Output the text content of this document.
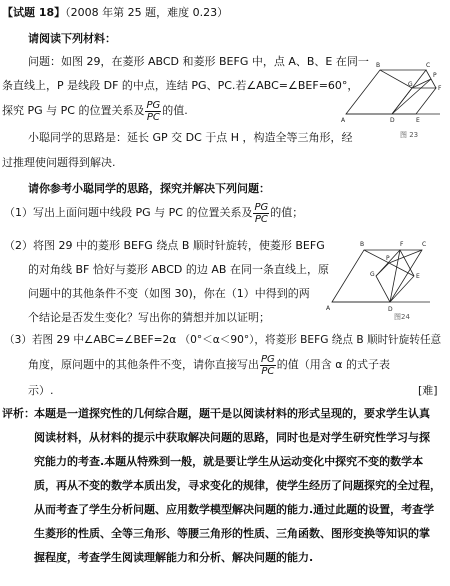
【试题 18】（2008 年第 25 题，难度 0.23）
请阅读下列材料：
问题：如图 29，在菱形 ABCD 和菱形 BEFG 中，点 A、B、E 在同一
条直线上，P 是线段 DF 的中点，连结 PG、PC.若∠ABC=∠BEF=60°，
探究 PG 与 PC 的位置关系及 $\frac{PG}{PC}$ 的值.
小聪同学的思路是：延长 GP 交 DC 于点 H ，构造全等三角形，经
过推理使问题得到解决.
请你参考小聪同学的思路，探究并解决下列问题：
（1）写出上面问题中线段 PG 与 PC 的位置关系及 $\frac{PG}{PC}$ 的值；
（2）将图 29 中的菱形 BEFG 绕点 B 顺时针旋转，使菱形 BEFG
的对角线 BF 恰好与菱形 ABCD 的边 AB 在同一条直线上，原
问题中的其他条件不变（如图 30)，你在（1）中得到的两
个结论是否发生变化？写出你的猜想并加以证明；
（3）若图 29 中∠ABC=∠BEF=2α （0°＜α＜90°），将菱形 BEFG 绕点 B 顺时针旋转任意
角度，原问题中的其他条件不变，请你直接写出 $\frac{PG}{PC}$ 的值（用含 α 的式子表
示）.	[难]
评析： 本题是一道探究性的几何综合题，题干是以阅读材料的形式呈现的，要求学生认真
阅读材料，从材料的提示中获取解决问题的思路，同时也是对学生研究性学习与探
究能力的考查.本题从特殊到一般，就是要让学生从运动变化中探究不变的数学本
质，再从不变的数学本质出发，寻求变化的规律，使学生经历了问题探究的全过程，
从而考查了学生分析问题、应用数学模型解决问题的能力.通过此题的设置，考查学
生菱形的性质、全等三角形、等腰三角形的性质、三角函数、图形变换等知识的掌
握程度，考查学生阅读理解能力和分析、解决问题的能力.
A
B	C
D	E
F
G
P
图 23
A
B	C
D
E
F
G
P
图24
